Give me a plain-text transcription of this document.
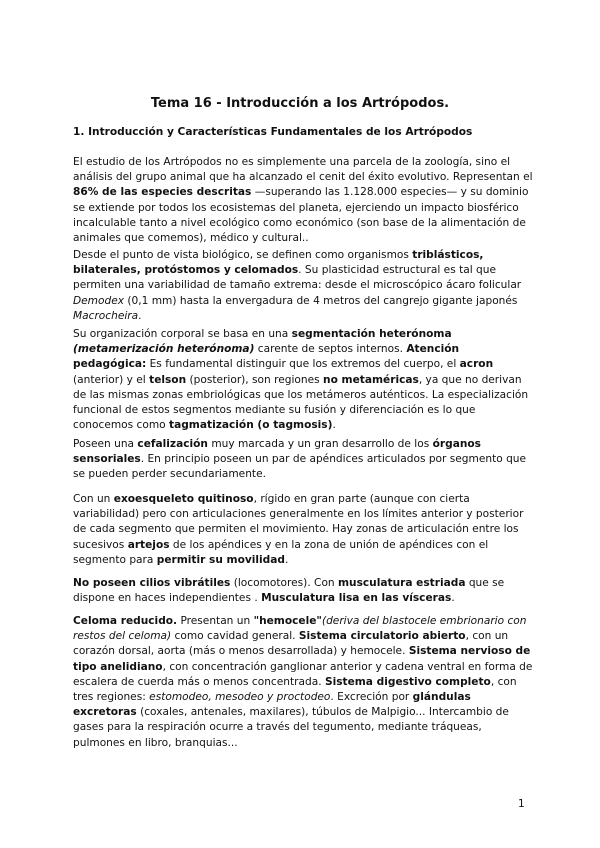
Tema 16 - Introducción a los Artrópodos.
1. Introducción y Características Fundamentales de los Artrópodos

El estudio de los Artrópodos no es simplemente una parcela de la zoología, sino el análisis del grupo animal que ha alcanzado el cenit del éxito evolutivo. Representan el 86% de las especies descritas —superando las 1.128.000 especies— y su dominio se extiende por todos los ecosistemas del planeta, ejerciendo un impacto biosférico incalculable tanto a nivel ecológico como económico (son base de la alimentación de animales que comemos), médico y cultural..

Desde el punto de vista biológico, se definen como organismos triblásticos, bilaterales, protóstomos y celomados. Su plasticidad estructural es tal que permiten una variabilidad de tamaño extrema: desde el microscópico ácaro folicular Demodex (0,1 mm) hasta la envergadura de 4 metros del cangrejo gigante japonés Macrocheira.

Su organización corporal se basa en una segmentación heterónoma (metamerización heterónoma) carente de septos internos. Atención pedagógica: Es fundamental distinguir que los extremos del cuerpo, el acron (anterior) y el telson (posterior), son regiones no metaméricas, ya que no derivan de las mismas zonas embriológicas que los metámeros auténticos. La especialización funcional de estos segmentos mediante su fusión y diferenciación es lo que conocemos como tagmatización (o tagmosis).

Poseen una cefalización muy marcada y un gran desarrollo de los órganos sensoriales. En principio poseen un par de apéndices articulados por segmento que se pueden perder secundariamente.

Con un exoesqueleto quitinoso, rígido en gran parte (aunque con cierta variabilidad) pero con articulaciones generalmente en los límites anterior y posterior de cada segmento que permiten el movimiento. Hay zonas de articulación entre los sucesivos artejos de los apéndices y en la zona de unión de apéndices con el segmento para permitir su movilidad.

No poseen cilios vibrátiles (locomotores). Con musculatura estriada que se dispone en haces independientes . Musculatura lisa en las vísceras.

Celoma reducido. Presentan un "hemocele"(deriva del blastocele embrionario con restos del celoma) como cavidad general. Sistema circulatorio abierto, con un corazón dorsal, aorta (más o menos desarrollada) y hemocele. Sistema nervioso de tipo anelidiano, con concentración ganglionar anterior y cadena ventral en forma de escalera de cuerda más o menos concentrada. Sistema digestivo completo, con tres regiones: estomodeo, mesodeo y proctodeo. Excreción por glándulas excretoras (coxales, antenales, maxilares), túbulos de Malpigio... Intercambio de gases para la respiración ocurre a través del tegumento, mediante tráqueas, pulmones en libro, branquias...

1
